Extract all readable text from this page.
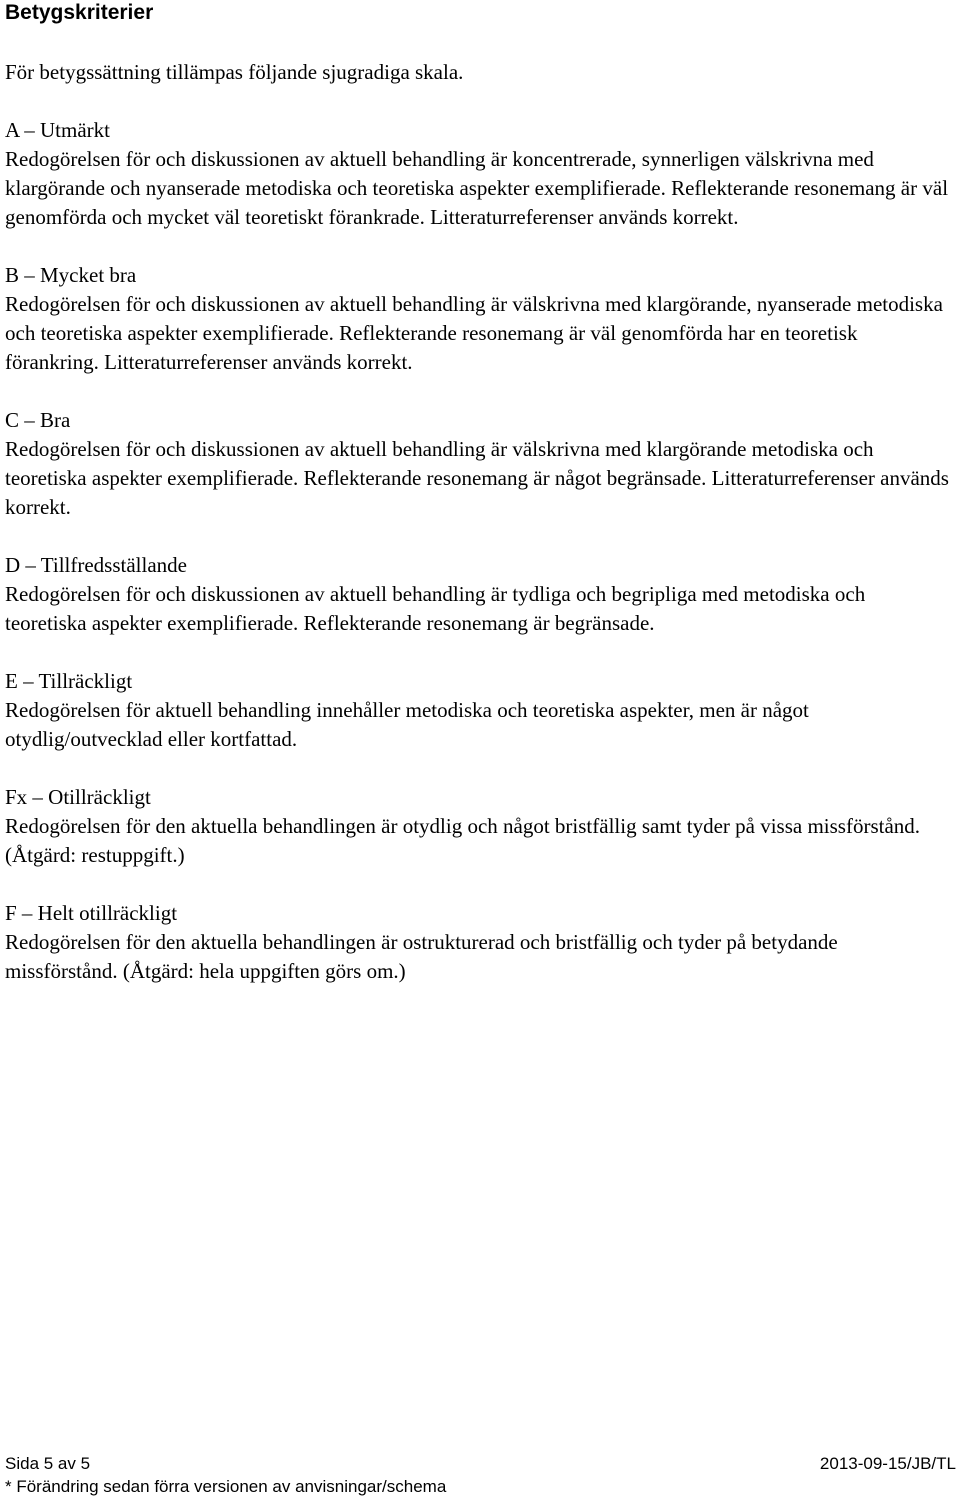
Betygskriterier

För betygssättning tillämpas följande sjugradiga skala.

A – Utmärkt
Redogörelsen för och diskussionen av aktuell behandling är koncentrerade, synnerligen välskrivna med klargörande och nyanserade metodiska och teoretiska aspekter exemplifierade. Reflekterande resonemang är väl genomförda och mycket väl teoretiskt förankrade. Litteraturreferenser används korrekt.
B – Mycket bra
Redogörelsen för och diskussionen av aktuell behandling är välskrivna med klargörande, nyanserade metodiska och teoretiska aspekter exemplifierade. Reflekterande resonemang är väl genomförda har en teoretisk förankring. Litteraturreferenser används korrekt.
C – Bra
Redogörelsen för och diskussionen av aktuell behandling är välskrivna med klargörande metodiska och teoretiska aspekter exemplifierade. Reflekterande resonemang är något begränsade. Litteraturreferenser används korrekt.
D – Tillfredsställande
Redogörelsen för och diskussionen av aktuell behandling är tydliga och begripliga med metodiska och teoretiska aspekter exemplifierade. Reflekterande resonemang är begränsade.
E – Tillräckligt
Redogörelsen för aktuell behandling innehåller metodiska och teoretiska aspekter, men är något otydlig/outvecklad eller kortfattad.
Fx – Otillräckligt
Redogörelsen för den aktuella behandlingen är otydlig och något bristfällig samt tyder på vissa missförstånd. (Åtgärd: restuppgift.)
F – Helt otillräckligt
Redogörelsen för den aktuella behandlingen är ostrukturerad och bristfällig och tyder på betydande missförstånd. (Åtgärd: hela uppgiften görs om.)
Sida 5 av 5
* Förändring sedan förra versionen av anvisningar/schema
2013-09-15/JB/TL
